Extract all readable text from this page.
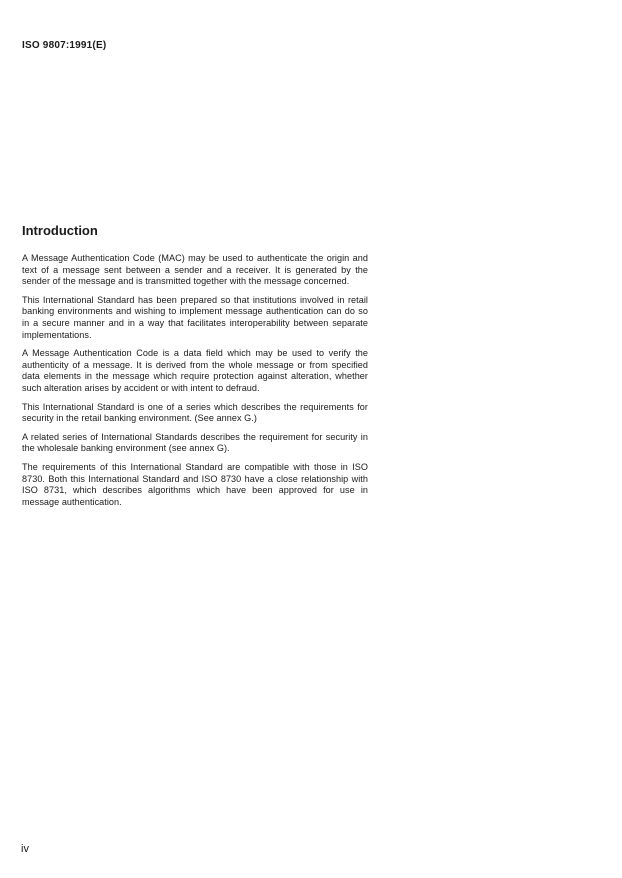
ISO 9807:1991(E)
Introduction

A Message Authentication Code (MAC) may be used to authenticate the origin and text of a message sent between a sender and a receiver. It is generated by the sender of the message and is transmitted together with the message concerned.

This International Standard has been prepared so that institutions involved in retail banking environments and wishing to implement message authentication can do so in a secure manner and in a way that facilitates interoperability between separate implementations.

A Message Authentication Code is a data field which may be used to verify the authenticity of a message. It is derived from the whole message or from specified data elements in the message which require protection against alteration, whether such alteration arises by accident or with intent to defraud.

This International Standard is one of a series which describes the requirements for security in the retail banking environment. (See annex G.)

A related series of International Standards describes the requirement for security in the wholesale banking environment (see annex G).

The requirements of this International Standard are compatible with those in ISO 8730. Both this International Standard and ISO 8730 have a close relationship with ISO 8731, which describes algorithms which have been approved for use in message authentication.

iv
